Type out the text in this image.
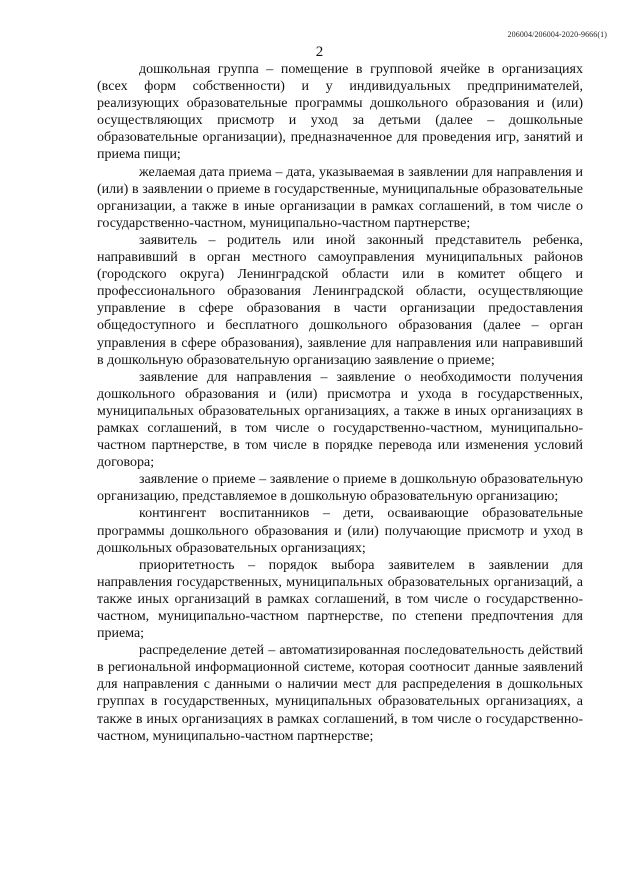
206004/206004-2020-9666(1)
2

дошкольная группа – помещение в групповой ячейке в организациях (всех форм собственности) и у индивидуальных предпринимателей, реализующих образовательные программы дошкольного образования и (или) осуществляющих присмотр и уход за детьми (далее – дошкольные образовательные организации), предназначенное для проведения игр, занятий и приема пищи;

желаемая дата приема – дата, указываемая в заявлении для направления и (или) в заявлении о приеме в государственные, муниципальные образовательные организации, а также в иные организации в рамках соглашений, в том числе о государственно-частном, муниципально-частном партнерстве;

заявитель – родитель или иной законный представитель ребенка, направивший в орган местного самоуправления муниципальных районов (городского округа) Ленинградской области или в комитет общего и профессионального образования Ленинградской области, осуществляющие управление в сфере образования в части организации предоставления общедоступного и бесплатного дошкольного образования (далее – орган управления в сфере образования), заявление для направления или направивший в дошкольную образовательную организацию заявление о приеме;

заявление для направления – заявление о необходимости получения дошкольного образования и (или) присмотра и ухода в государственных, муниципальных образовательных организациях, а также в иных организациях в рамках соглашений, в том числе о государственно-частном, муниципально-частном партнерстве, в том числе в порядке перевода или изменения условий договора;

заявление о приеме – заявление о приеме в дошкольную образовательную организацию, представляемое в дошкольную образовательную организацию;

контингент воспитанников – дети, осваивающие образовательные программы дошкольного образования и (или) получающие присмотр и уход в дошкольных образовательных организациях;

приоритетность – порядок выбора заявителем в заявлении для направления государственных, муниципальных образовательных организаций, а также иных организаций в рамках соглашений, в том числе о государственно-частном, муниципально-частном партнерстве, по степени предпочтения для приема;

распределение детей – автоматизированная последовательность действий в региональной информационной системе, которая соотносит данные заявлений для направления с данными о наличии мест для распределения в дошкольных группах в государственных, муниципальных образовательных организациях, а также в иных организациях в рамках соглашений, в том числе о государственно-частном, муниципально-частном партнерстве;
